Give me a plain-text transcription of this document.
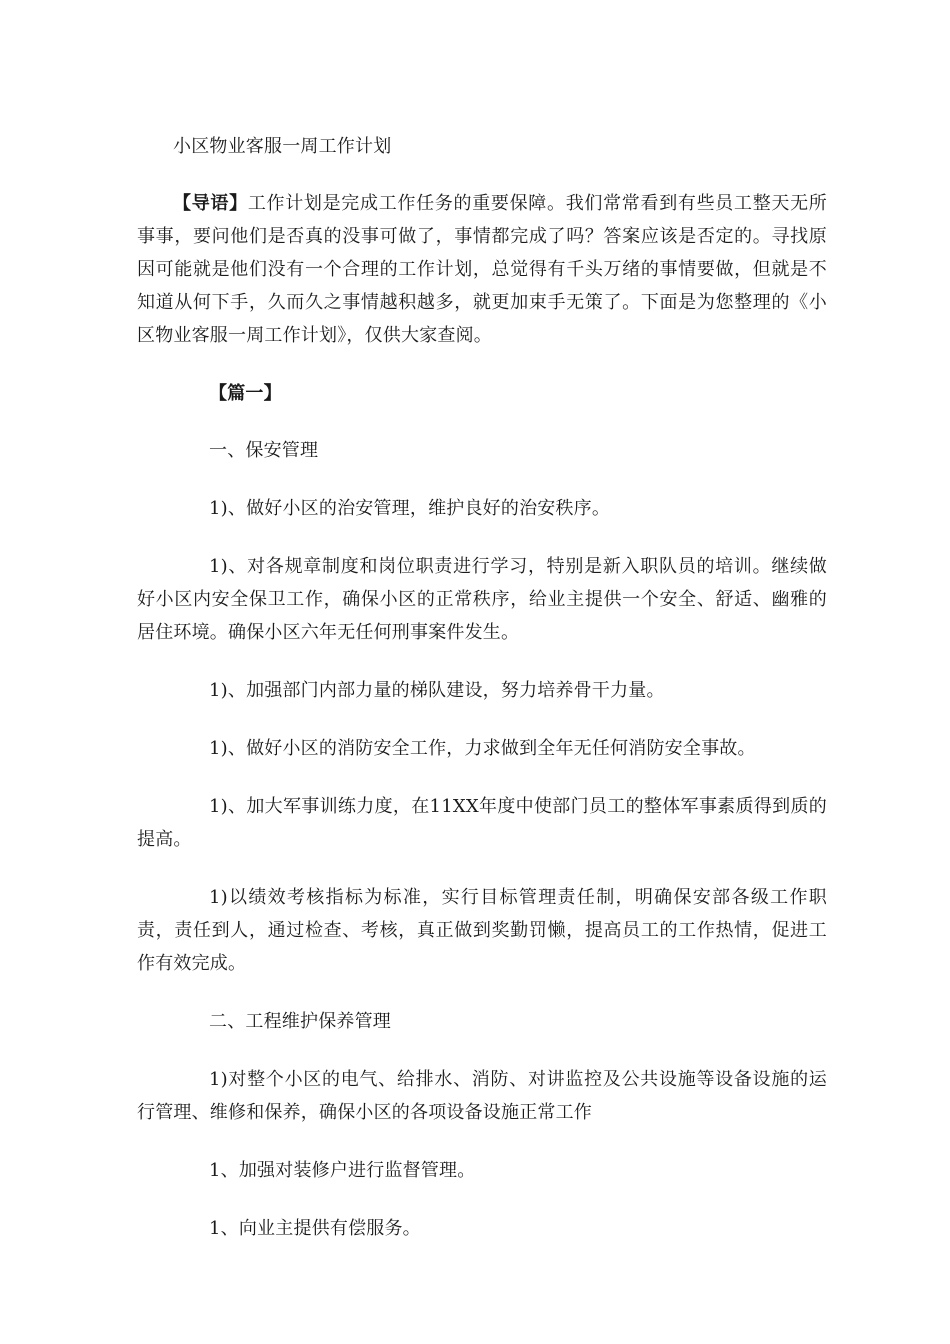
小区物业客服一周工作计划

【导语】工作计划是完成工作任务的重要保障。我们常常看到有些员工整天无所事事，要问他们是否真的没事可做了，事情都完成了吗？答案应该是否定的。寻找原因可能就是他们没有一个合理的工作计划，总觉得有千头万绪的事情要做，但就是不知道从何下手，久而久之事情越积越多，就更加束手无策了。下面是为您整理的《小区物业客服一周工作计划》，仅供大家查阅。

【篇一】

一、保安管理

1)、做好小区的治安管理，维护良好的治安秩序。

1)、对各规章制度和岗位职责进行学习，特别是新入职队员的培训。继续做好小区内安全保卫工作，确保小区的正常秩序，给业主提供一个安全、舒适、幽雅的居住环境。确保小区六年无任何刑事案件发生。

1)、加强部门内部力量的梯队建设，努力培养骨干力量。

1)、做好小区的消防安全工作，力求做到全年无任何消防安全事故。

1)、加大军事训练力度，在11XX年度中使部门员工的整体军事素质得到质的提高。

1)以绩效考核指标为标准，实行目标管理责任制，明确保安部各级工作职责，责任到人，通过检查、考核，真正做到奖勤罚懒，提高员工的工作热情，促进工作有效完成。

二、工程维护保养管理

1)对整个小区的电气、给排水、消防、对讲监控及公共设施等设备设施的运行管理、维修和保养，确保小区的各项设备设施正常工作

1、加强对装修户进行监督管理。

1、向业主提供有偿服务。
